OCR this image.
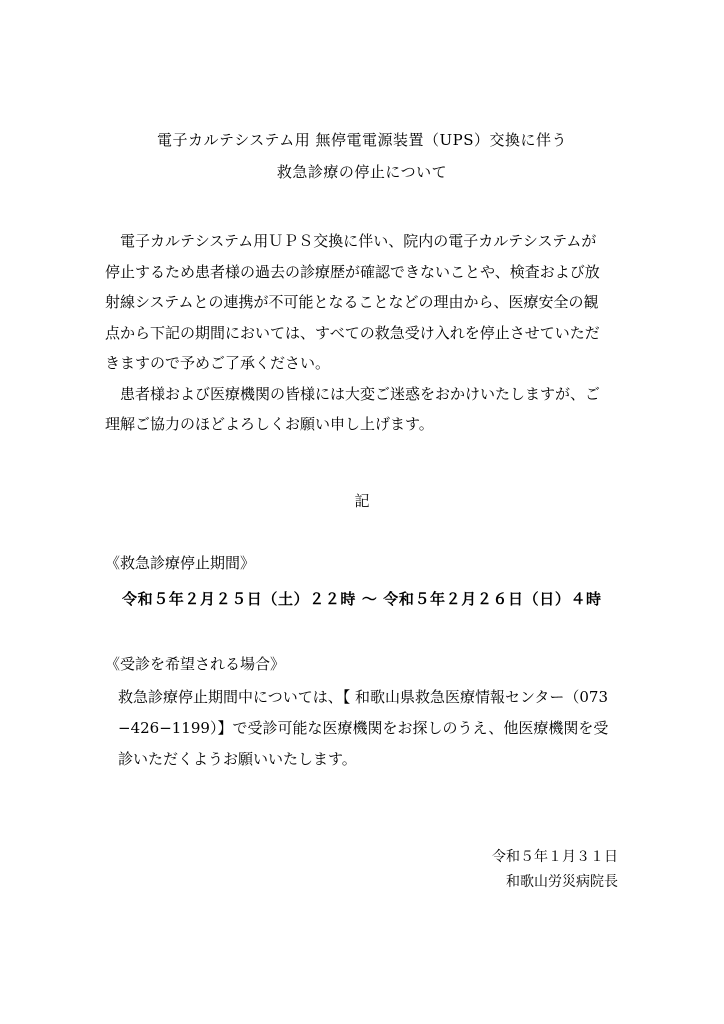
電子カルテシステム用 無停電電源装置（UPS）交換に伴う
救急診療の停止について
電子カルテシステム用ＵＰＳ交換に伴い、院内の電子カルテシステムが
停止するため患者様の過去の診療歴が確認できないことや、検査および放
射線システムとの連携が不可能となることなどの理由から、医療安全の観
点から下記の期間においては、すべての救急受け入れを停止させていただ
きますので予めご了承ください。
患者様および医療機関の皆様には大変ご迷惑をおかけいたしますが、ご
理解ご協力のほどよろしくお願い申し上げます。
記
《救急診療停止期間》
令和５年２月２５日（土）２２時 〜 令和５年２月２６日（日）４時
《受診を希望される場合》
救急診療停止期間中については、【 和歌山県救急医療情報センター（073
−426−1199）】で受診可能な医療機関をお探しのうえ、他医療機関を受
診いただくようお願いいたします。
令和５年１月３１日
和歌山労災病院長
